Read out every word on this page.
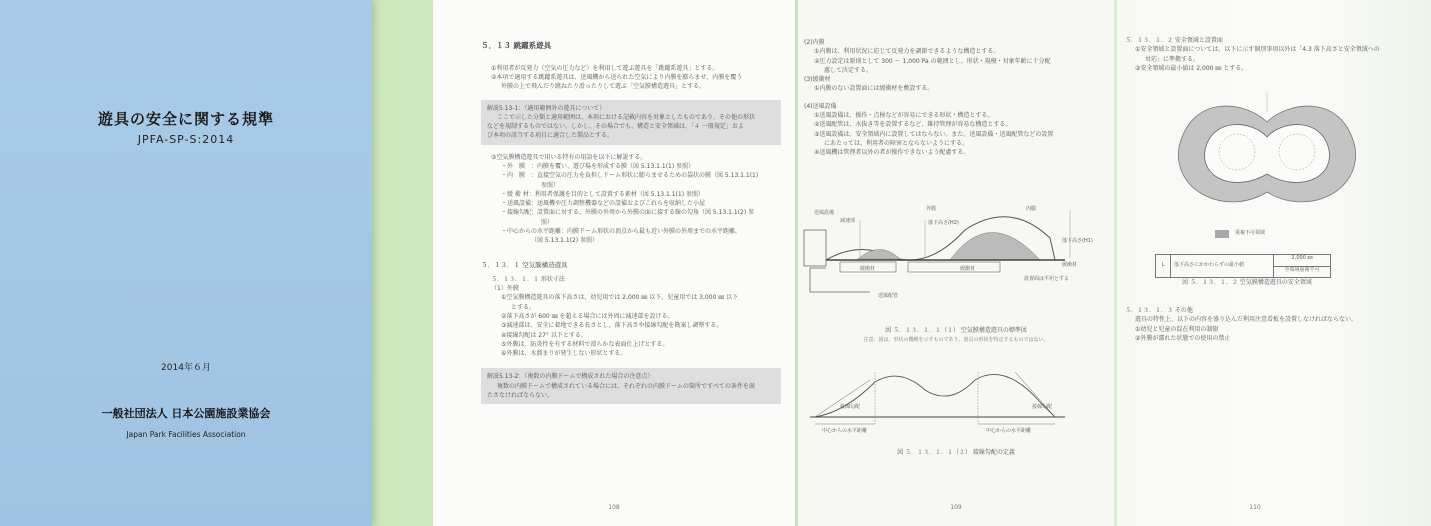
遊具の安全に関する規準
JPFA-SP-S:2014
2014年６月
一般社団法人 日本公園施設業協会
Japan Park Facilities Association
５．１３ 跳躍系遊具
①利用者が反発力（空気の圧力など）を利用して遊ぶ遊具を「跳躍系遊具」とする。
②本項で適用する跳躍系遊具は、送風機から送られた空気により内膜を膨らませ、内膜を覆う
外膜の上で飛んだり跳ねたり滑ったりして遊ぶ「空気膜構造遊具」とする。
解説5.13-1：（適用範囲外の遊具について）
ここで示した分類と適用範囲は、本項における記載内容を対象としたものであり、その他の形状
などを規制するものではない。しかし、その場合でも、構造と安全領域は、「４ 一般規定」およ
び本項の該当する項目に適合した製品とする。
③空気膜構造遊具で用いる特有の用語を以下に解説する。
・外　膜　：内膜を覆い、遊び場を形成する膜（図 5.13.1.1(1) 参照）
・内　膜　：直接空気の圧力を負担しドーム形状に膨らませるための袋状の膜（図 5.13.1.1(1)
参照）
・緩 衝 材：利用者保護を目的として設置する素材（図 5.13.1.1(1) 参照）
・送風設備：送風機や圧力調整機器などの設備およびこれらを収納した小屋
・接線勾配：設置面に対する、外膜の外周から外膜の面に接する線の勾角（図 5.13.1.1(2) 参
照）
・中心からの水平距離：内膜ドーム形状の頂点から最も近い外膜の外周までの水平距離。
（図 5.13.1.1(2) 参照）
５．１３．１ 空気膜構造遊具
５．１３．１．１ 形状寸法
（1）外膜
①空気膜構造遊具の落下高さは、幼児用では 2,000 ㎜ 以下、児童用では 3,000 ㎜ 以下
とする。
②落下高さが 600 ㎜ を超える場合には外周に減速部を設ける。
③減速部は、安全に着地できる長さとし、落下高さや接線勾配を勘案し調整する。
④接線勾配は 27° 以下とする。
⑤外膜は、防炎性を有する材料で滑らかな表面仕上げとする。
⑥外膜は、水溜まりが発生しない形状とする。
解説5.13-2：（複数の内膜ドームで構成された場合の注意点）
複数の内膜ドームで構成されている場合には、それぞれの内膜ドームの箇所ですべての条件を満
たさなければならない。
108
(2)内膜
①内膜は、利用状況に応じて反発力を調節できるような構造とする。
②圧力設定は原則として 300 ～ 1,000 Pa の範囲とし、形状・規模・対象年齢に十分配
慮して決定する。
(3)緩衝材
①内膜のない設置面には緩衝材を敷設する。
(4)送風設備
①送風設備は、操作・点検などが容易にできる形状・構造とする。
②送風配管は、水抜き等を設置するなど、維持管理が容易な構造とする。
③送風設備は、安全領域内に設置してはならない。また、送風設備・送風配管などの設置
にあたっては、利用者の障害とならないようにする。
④送風機は管理者以外の者が操作できないよう配慮する。
送風設備
減速部	落下高さ(H2)
外膜	内膜
落下高さ(H1)
緩衝材	緩衝材
緩衝材
設置面は平坦とする
送風配管
図 ５．１３．１．１（１） 空気膜構造遊具の標準図
注意：図は、形状の概略を示すものであり、遊具の形状を特定するものではない。
接線勾配	接線勾配
中心からの水平距離	中心からの水平距離
図 ５．１３．１．１（２） 接線勾配の定義
109
５．１３．１．２ 安全領域と設置面
①安全領域と設置面については、以下に示す個別事項以外は「4.3 落下高さと安全領域への
対応」に準拠する。
②安全領域の最小値は 2,000 ㎜ とする。
重複不可領域
L	落下高さにかかわらずの最小値
2,000 ㎜
全領域重複不可
図 ５．１３．１．２ 空気膜構造遊具の安全領域
５．１３．１．３ その他
遊具の特性上、以下の内容を盛り込んだ利用注意看板を設置しなければならない。
①幼児と児童の混在利用の制限
②外膜が濡れた状態での使用の禁止
110
